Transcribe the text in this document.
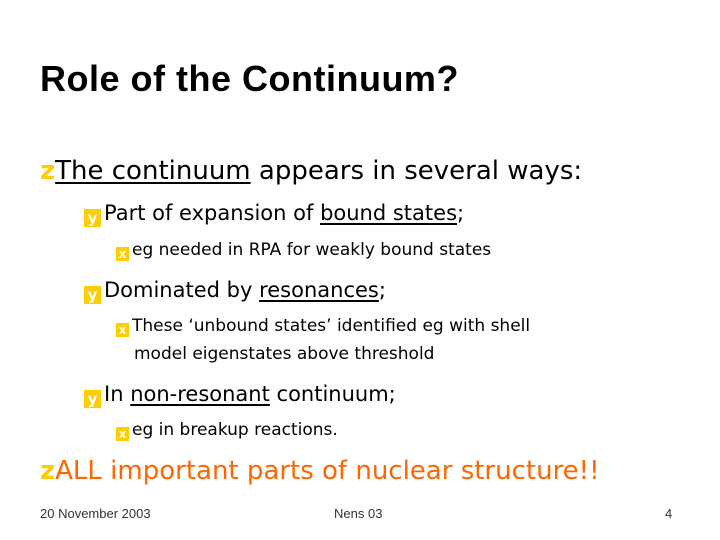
Role of the Continuum?
zThe continuum appears in several ways:
y Part of expansion of bound states;
x eg needed in RPA for weakly bound states
y Dominated by resonances;
x These ‘unbound states’ identified eg with shell
model eigenstates above threshold
y In non-resonant continuum;
x eg in breakup reactions.
zALL important parts of nuclear structure!!
20 November 2003	Nens 03	4
